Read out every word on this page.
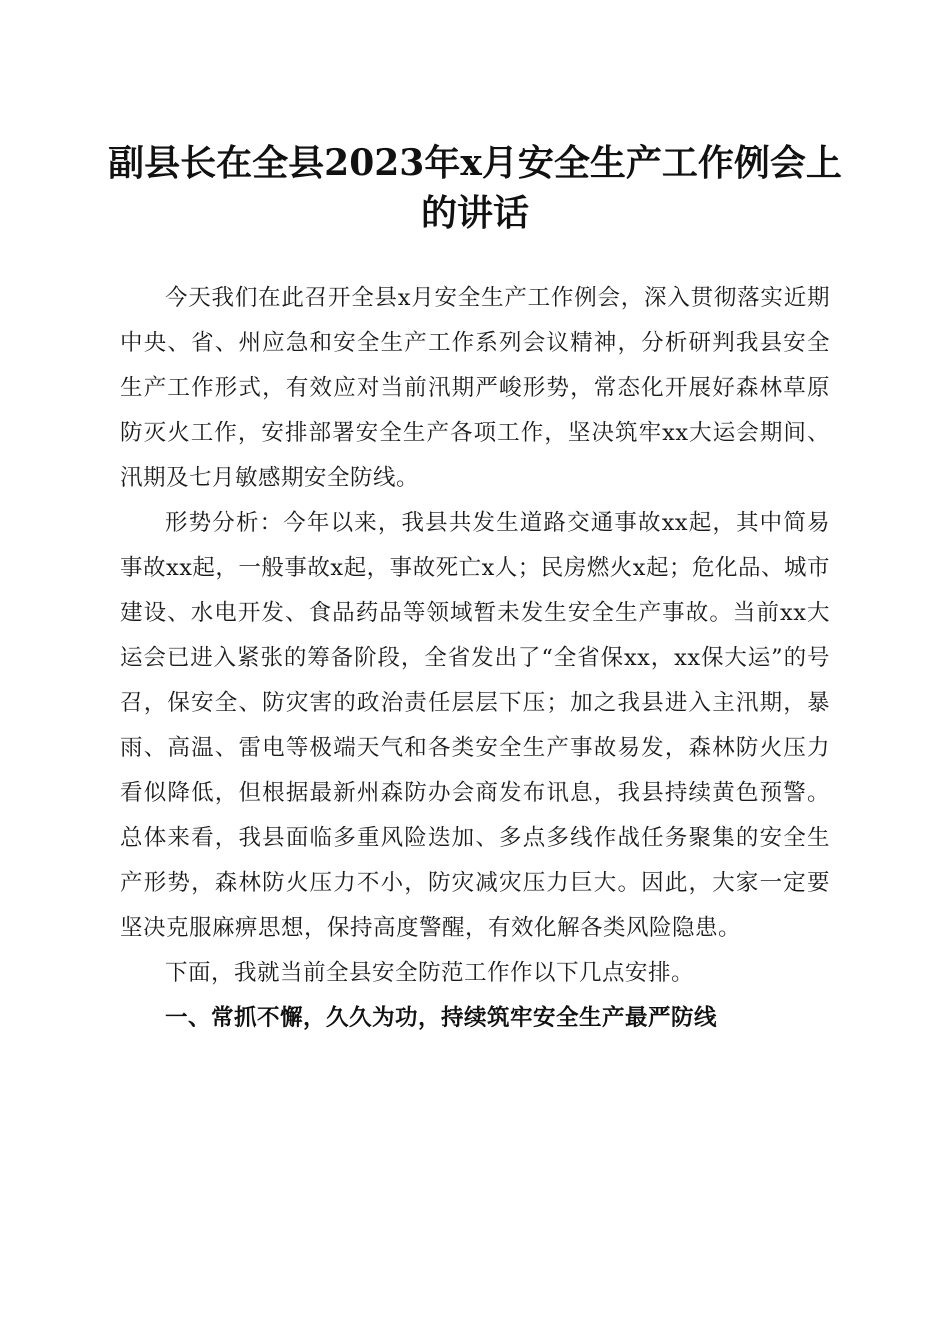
副县长在全县2023年x月安全生产工作例会上的讲话

今天我们在此召开全县x月安全生产工作例会，深入贯彻落实近期中央、省、州应急和安全生产工作系列会议精神，分析研判我县安全生产工作形式，有效应对当前汛期严峻形势，常态化开展好森林草原防灭火工作，安排部署安全生产各项工作，坚决筑牢xx大运会期间、汛期及七月敏感期安全防线。

形势分析：今年以来，我县共发生道路交通事故xx起，其中简易事故xx起，一般事故x起，事故死亡x人；民房燃火x起；危化品、城市建设、水电开发、食品药品等领域暂未发生安全生产事故。当前xx大运会已进入紧张的筹备阶段，全省发出了“全省保xx，xx保大运”的号召，保安全、防灾害的政治责任层层下压；加之我县进入主汛期，暴雨、高温、雷电等极端天气和各类安全生产事故易发，森林防火压力看似降低，但根据最新州森防办会商发布讯息，我县持续黄色预警。总体来看，我县面临多重风险迭加、多点多线作战任务聚集的安全生产形势，森林防火压力不小，防灾减灾压力巨大。因此，大家一定要坚决克服麻痹思想，保持高度警醒，有效化解各类风险隐患。

下面，我就当前全县安全防范工作作以下几点安排。

一、常抓不懈，久久为功，持续筑牢安全生产最严防线
